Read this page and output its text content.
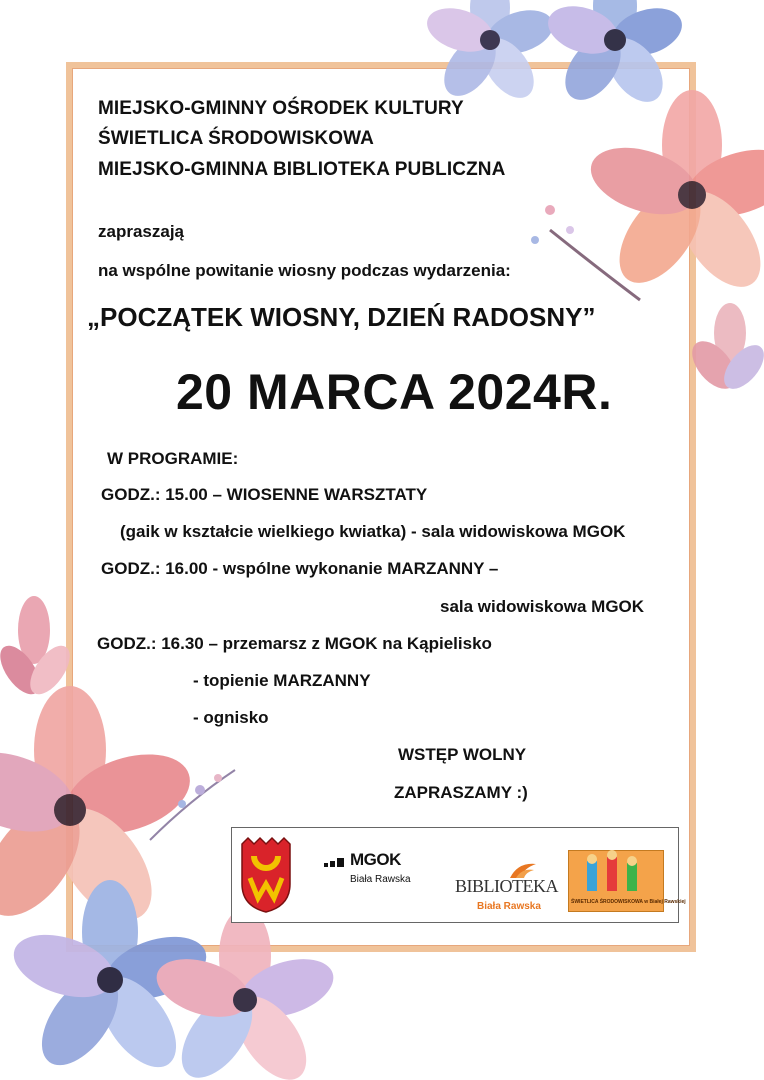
MIEJSKO-GMINNY OŚRODEK KULTURY
ŚWIETLICA ŚRODOWISKOWA
MIEJSKO-GMINNA BIBLIOTEKA PUBLICZNA
zapraszają
na wspólne powitanie wiosny podczas wydarzenia:
„POCZĄTEK WIOSNY, DZIEŃ RADOSNY”
20 MARCA 2024R.
W PROGRAMIE:
GODZ.: 15.00 – WIOSENNE WARSZTATY
(gaik w kształcie wielkiego kwiatka) - sala widowiskowa MGOK
GODZ.: 16.00 - wspólne wykonanie MARZANNY –
sala widowiskowa MGOK
GODZ.: 16.30 – przemarsz z MGOK na Kąpielisko
- topienie MARZANNY
- ognisko
WSTĘP WOLNY
ZAPRASZAMY :)
MGOK
Biała Rawska BIBLIOTEKA
Biała Rawska	ŚWIETLICA ŚRODOWISKOWA w Białej Rawskiej
